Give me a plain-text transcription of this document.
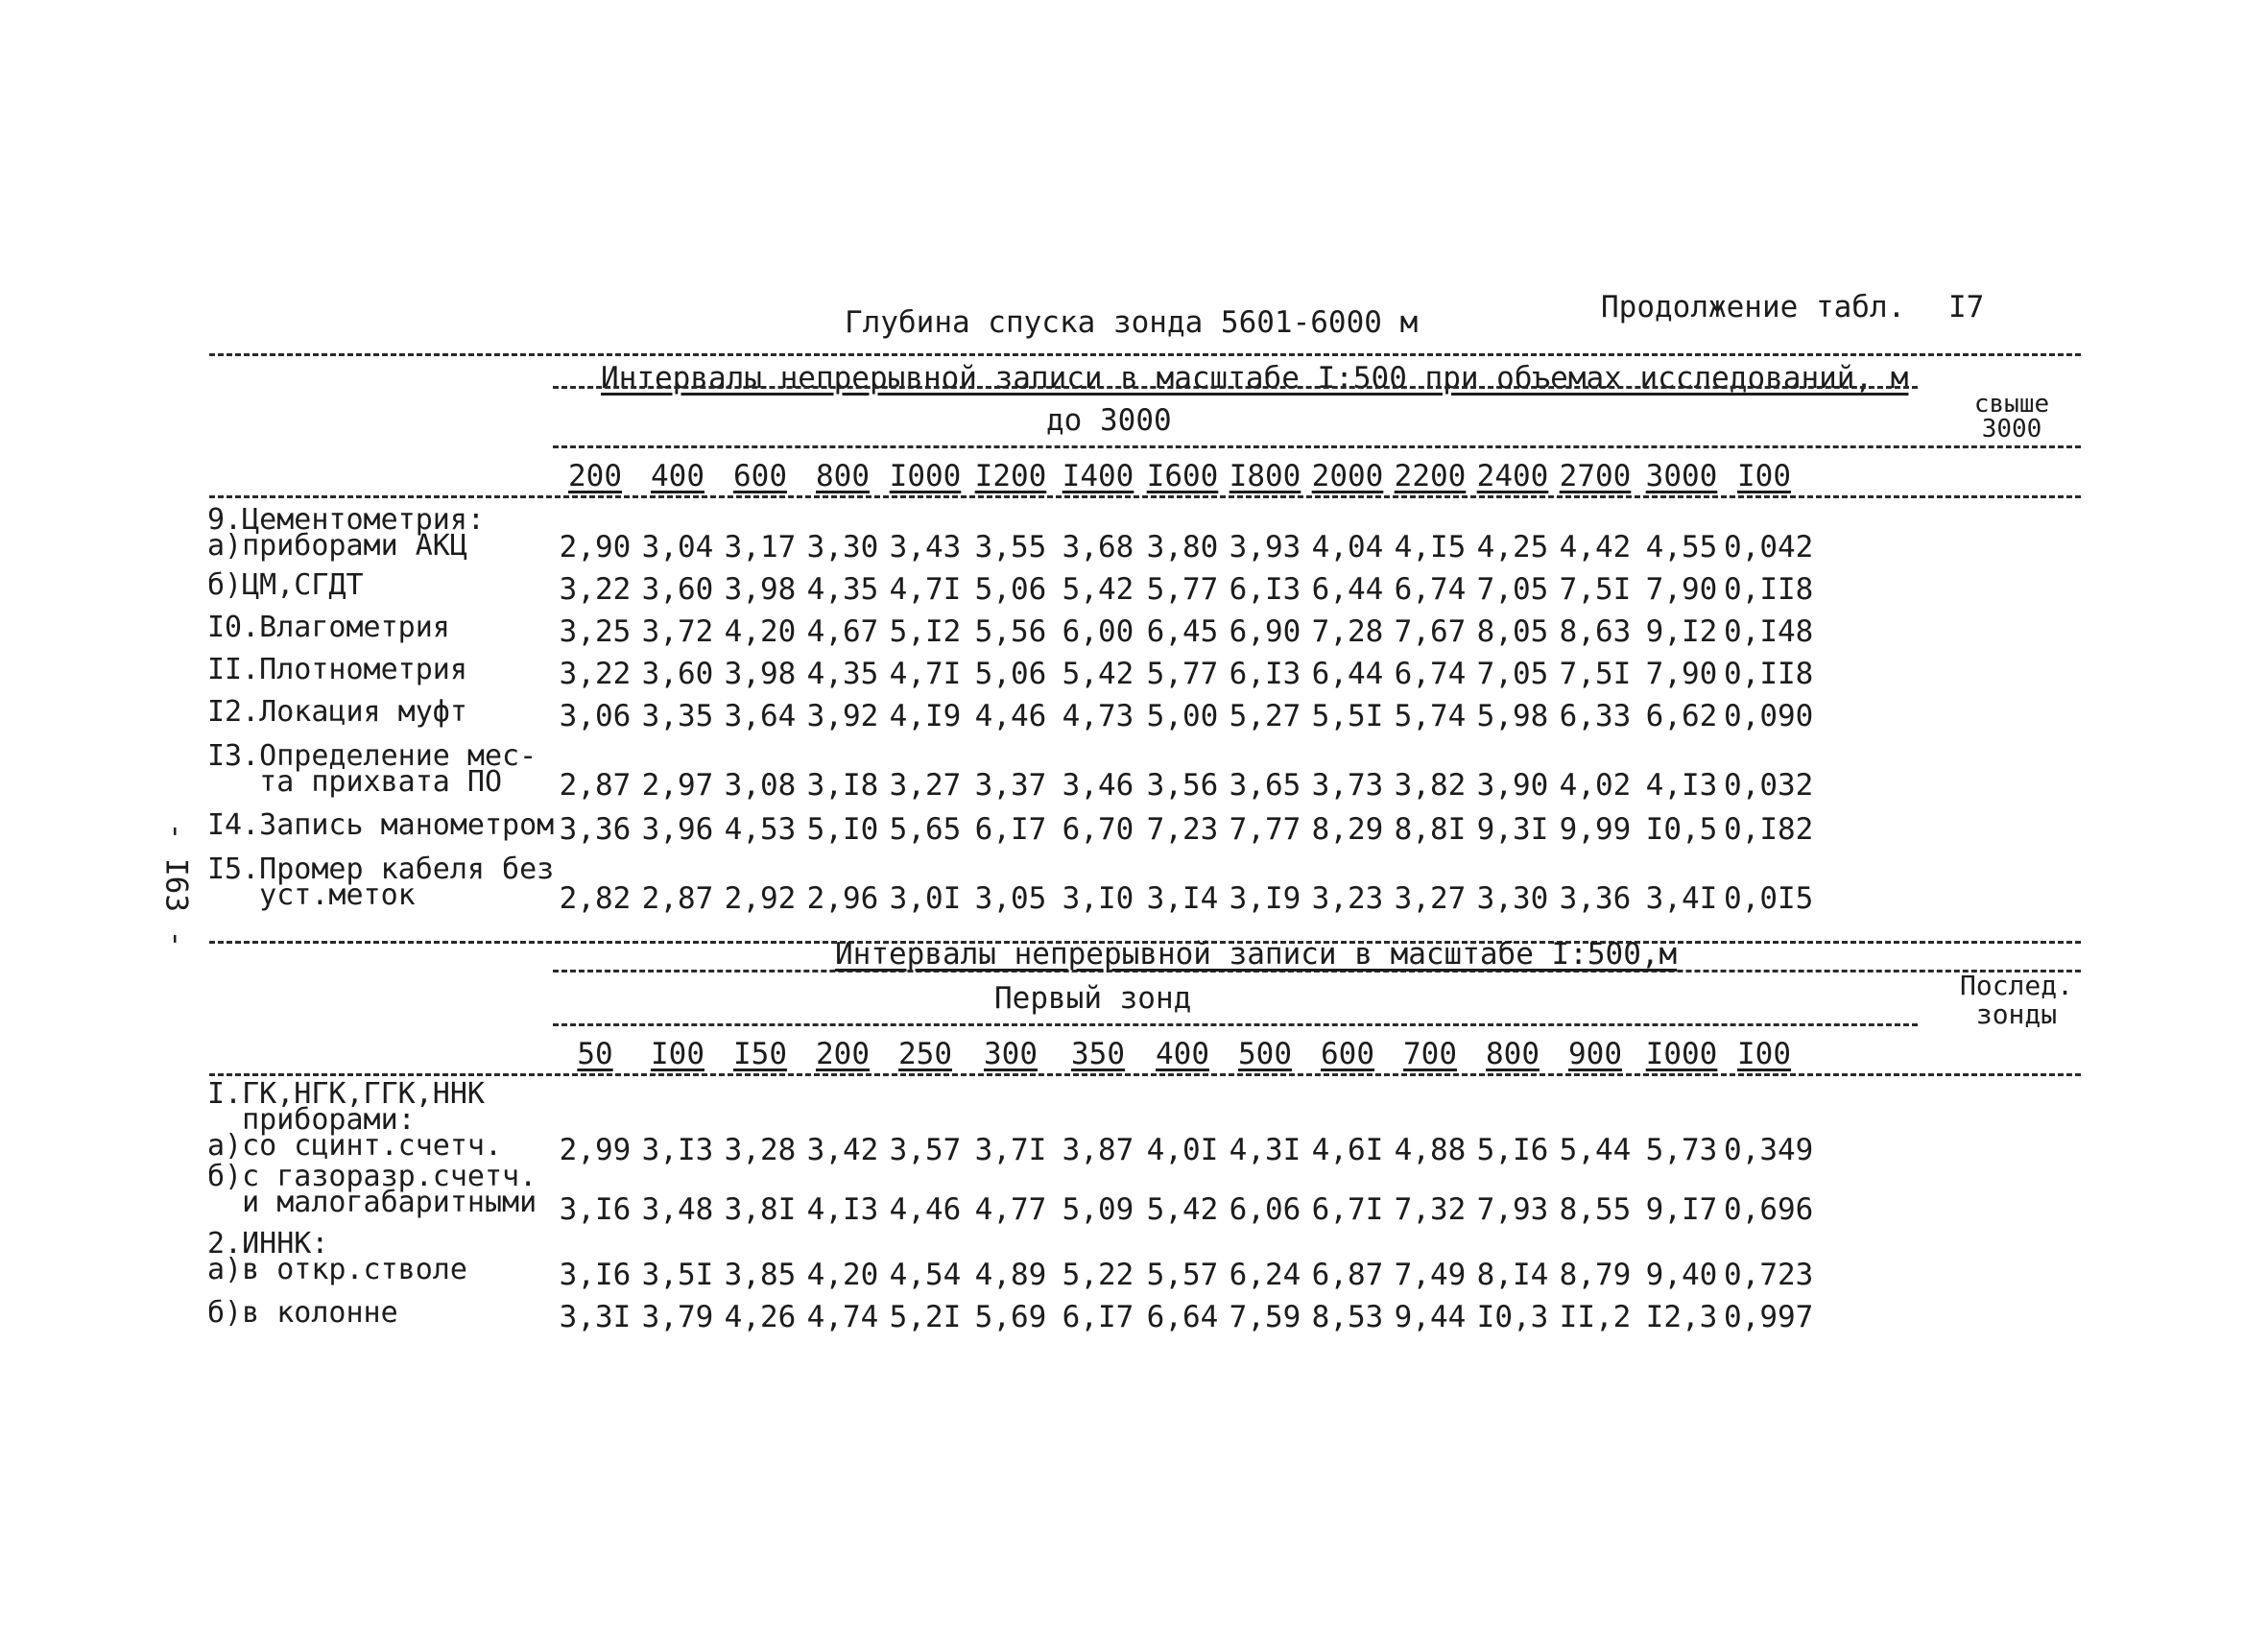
Глубина спуска зонда 5601-6000 м	Продолжение табл. I7
- I63 -
Интервалы непрерывной записи в масштабе I:500 при объемах исследований, м
до 3000	свыше 3000
200 400 600 800 I000 I200 I400 I600 I800 2000 2200 2400 2700 3000 I00
9.Цементометрия:
а)приборами АКЦ	2,90 3,04 3,17 3,30 3,43 3,55 3,68 3,80 3,93 4,04 4,I5 4,25 4,42 4,55 0,042
б)ЦМ,СГДТ	3,22 3,60 3,98 4,35 4,7I 5,06 5,42 5,77 6,I3 6,44 6,74 7,05 7,5I 7,90 0,II8
I0.Влагометрия	3,25 3,72 4,20 4,67 5,I2 5,56 6,00 6,45 6,90 7,28 7,67 8,05 8,63 9,I2 0,I48
II.Плотнометрия	3,22 3,60 3,98 4,35 4,7I 5,06 5,42 5,77 6,I3 6,44 6,74 7,05 7,5I 7,90 0,II8
I2.Локация муфт	3,06 3,35 3,64 3,92 4,I9 4,46 4,73 5,00 5,27 5,5I 5,74 5,98 6,33 6,62 0,090
I3.Определение мес-
та прихвата ПО 2,87 2,97 3,08 3,I8 3,27 3,37 3,46 3,56 3,65 3,73 3,82 3,90 4,02 4,I3 0,032
I4.Запись манометром 3,36 3,96 4,53 5,I0 5,65 6,I7 6,70 7,23 7,77 8,29 8,8I 9,3I 9,99 I0,5 0,I82
I5.Промер кабеля без
уст.меток	2,82 2,87 2,92 2,96 3,0I 3,05 3,I0 3,I4 3,I9 3,23 3,27 3,30 3,36 3,4I 0,0I5
Интервалы непрерывной записи в масштабе I:500,м
Первый зонд	Послед. зонды
50	I00 I50 200 250	300	350	400 500 600 700 800 900 I000 I00
I.ГК,НГК,ГГК,ННК
приборами:
а)со сцинт.счетч. 2,99 3,I3 3,28 3,42 3,57 3,7I 3,87 4,0I 4,3I 4,6I 4,88 5,I6 5,44 5,73 0,349
б)с газоразр.счетч.
и малогабаритными 3,I6 3,48 3,8I 4,I3 4,46 4,77 5,09 5,42 6,06 6,7I 7,32 7,93 8,55 9,I7 0,696
2.ИННК:
а)в откр.стволе	3,I6 3,5I 3,85 4,20 4,54 4,89 5,22 5,57 6,24 6,87 7,49 8,I4 8,79 9,40 0,723
б)в колонне	3,3I 3,79 4,26 4,74 5,2I 5,69 6,I7 6,64 7,59 8,53 9,44 I0,3 II,2 I2,3 0,997
